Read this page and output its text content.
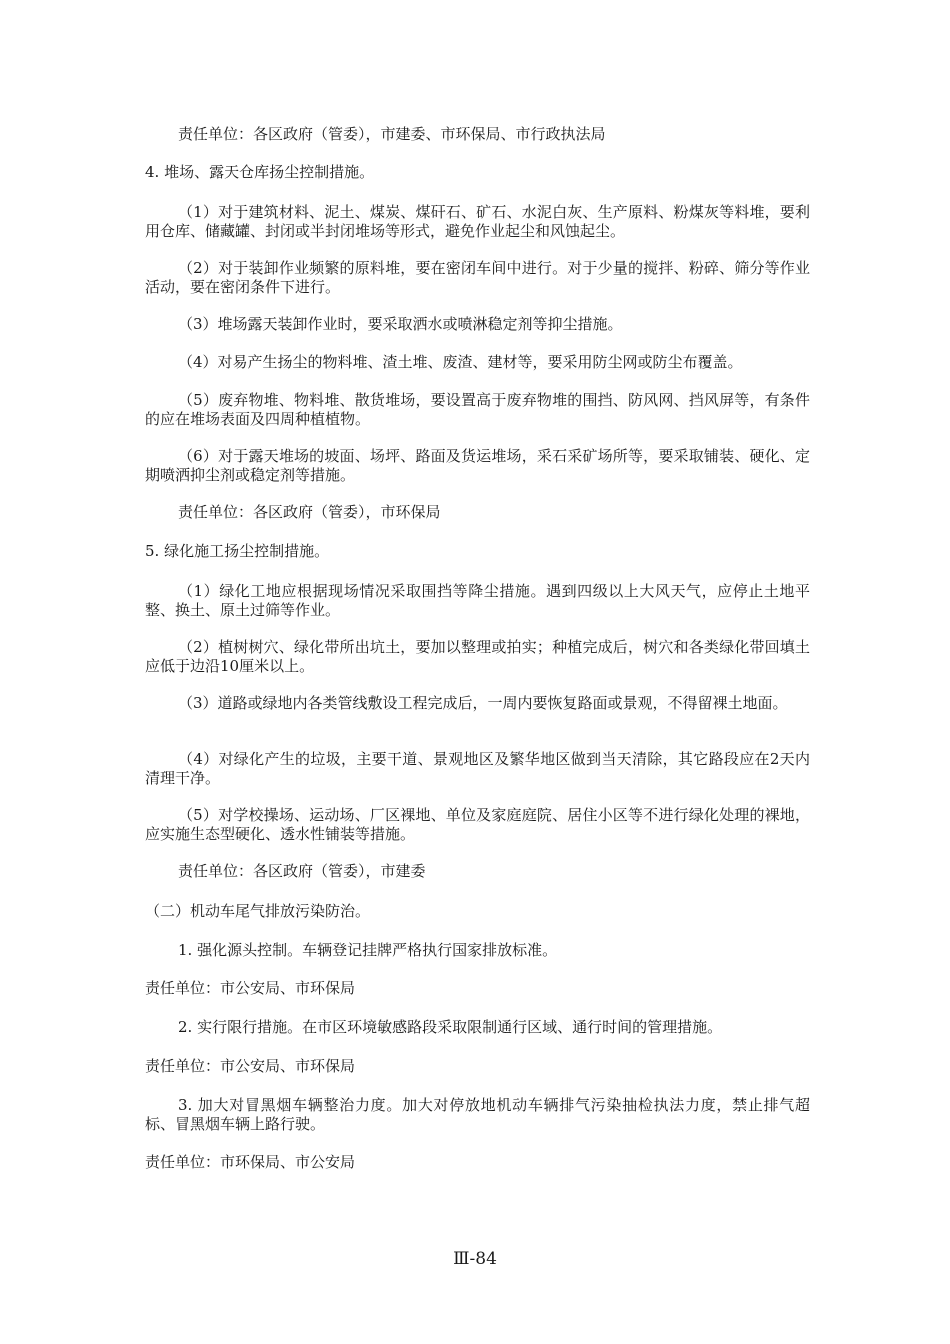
责任单位：各区政府（管委），市建委、市环保局、市行政执法局

4. 堆场、露天仓库扬尘控制措施。

（1）对于建筑材料、泥土、煤炭、煤矸石、矿石、水泥白灰、生产原料、粉煤灰等料堆，要利用仓库、储藏罐、封闭或半封闭堆场等形式，避免作业起尘和风蚀起尘。

（2）对于装卸作业频繁的原料堆，要在密闭车间中进行。对于少量的搅拌、粉碎、筛分等作业活动，要在密闭条件下进行。

（3）堆场露天装卸作业时，要采取洒水或喷淋稳定剂等抑尘措施。

（4）对易产生扬尘的物料堆、渣土堆、废渣、建材等，要采用防尘网或防尘布覆盖。

（5）废弃物堆、物料堆、散货堆场，要设置高于废弃物堆的围挡、防风网、挡风屏等，有条件的应在堆场表面及四周种植植物。

（6）对于露天堆场的坡面、场坪、路面及货运堆场，采石采矿场所等，要采取铺装、硬化、定期喷洒抑尘剂或稳定剂等措施。

责任单位：各区政府（管委），市环保局

5. 绿化施工扬尘控制措施。

（1）绿化工地应根据现场情况采取围挡等降尘措施。遇到四级以上大风天气，应停止土地平整、换土、原土过筛等作业。

（2）植树树穴、绿化带所出坑土，要加以整理或拍实；种植完成后，树穴和各类绿化带回填土应低于边沿10厘米以上。

（3）道路或绿地内各类管线敷设工程完成后，一周内要恢复路面或景观，不得留裸土地面。

（4）对绿化产生的垃圾，主要干道、景观地区及繁华地区做到当天清除，其它路段应在2天内清理干净。

（5）对学校操场、运动场、厂区裸地、单位及家庭庭院、居住小区等不进行绿化处理的裸地，应实施生态型硬化、透水性铺装等措施。

责任单位：各区政府（管委），市建委

（二）机动车尾气排放污染防治。

1. 强化源头控制。车辆登记挂牌严格执行国家排放标准。

责任单位：市公安局、市环保局

2. 实行限行措施。在市区环境敏感路段采取限制通行区域、通行时间的管理措施。

责任单位：市公安局、市环保局

3. 加大对冒黑烟车辆整治力度。加大对停放地机动车辆排气污染抽检执法力度，禁止排气超标、冒黑烟车辆上路行驶。

责任单位：市环保局、市公安局

Ⅲ-84
